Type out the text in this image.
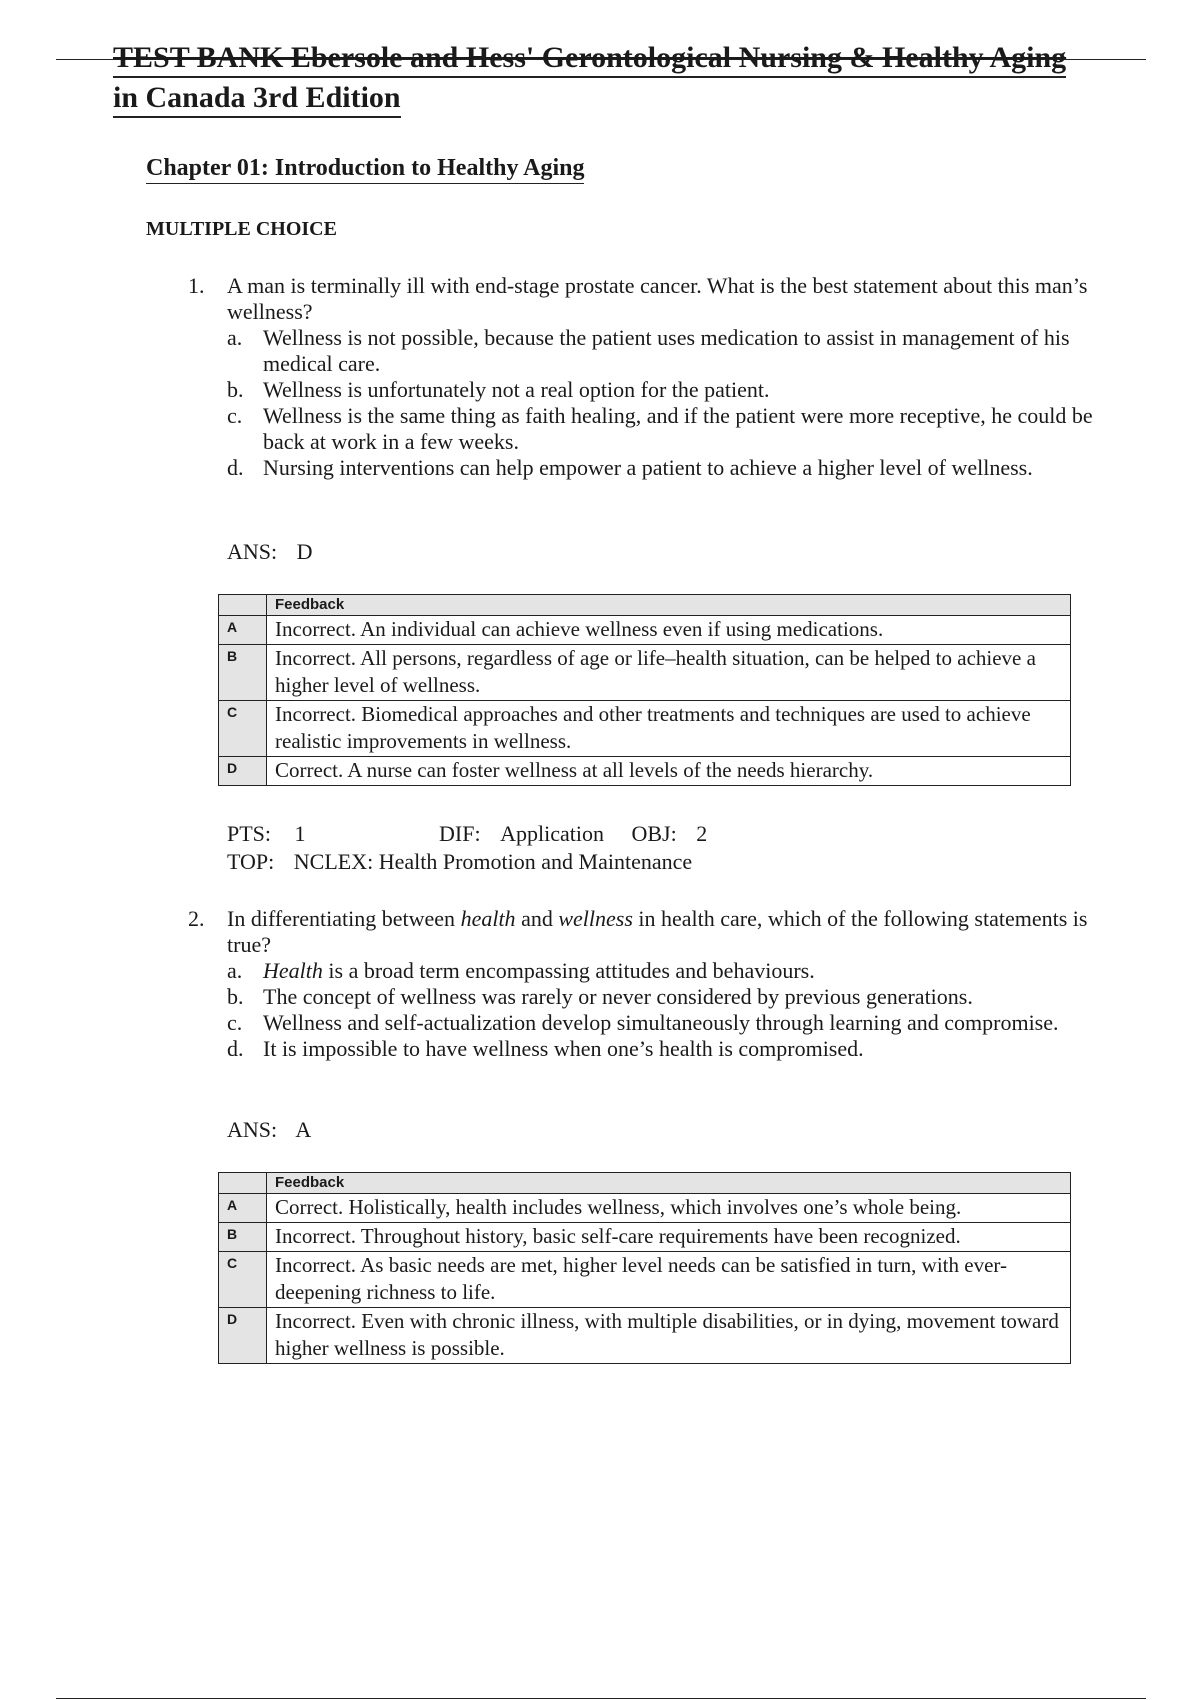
TEST BANK Ebersole and Hess' Gerontological Nursing & Healthy Aging
in Canada 3rd Edition
Chapter 01: Introduction to Healthy Aging
MULTIPLE CHOICE
1. A man is terminally ill with end-stage prostate cancer. What is the best statement about this man’s wellness?
a. Wellness is not possible, because the patient uses medication to assist in management of his medical care.
b. Wellness is unfortunately not a real option for the patient.
c. Wellness is the same thing as faith healing, and if the patient were more receptive, he could be back at work in a few weeks.
d. Nursing interventions can help empower a patient to achieve a higher level of wellness.
ANS: D
	Feedback
A	Incorrect. An individual can achieve wellness even if using medications.
B	Incorrect. All persons, regardless of age or life–health situation, can be helped to achieve a higher level of wellness.
C	Incorrect. Biomedical approaches and other treatments and techniques are used to achieve realistic improvements in wellness.
D	Correct. A nurse can foster wellness at all levels of the needs hierarchy.
PTS: 1	DIF: Application OBJ: 2
TOP: NCLEX: Health Promotion and Maintenance
2. In differentiating between health and wellness in health care, which of the following statements is true?
a. Health is a broad term encompassing attitudes and behaviours.
b. The concept of wellness was rarely or never considered by previous generations.
c. Wellness and self-actualization develop simultaneously through learning and compromise.
d. It is impossible to have wellness when one’s health is compromised.
ANS: A
	Feedback
A	Correct. Holistically, health includes wellness, which involves one’s whole being.
B	Incorrect. Throughout history, basic self-care requirements have been recognized.
C	Incorrect. As basic needs are met, higher level needs can be satisfied in turn, with ever-deepening richness to life.
D	Incorrect. Even with chronic illness, with multiple disabilities, or in dying, movement toward higher wellness is possible.
